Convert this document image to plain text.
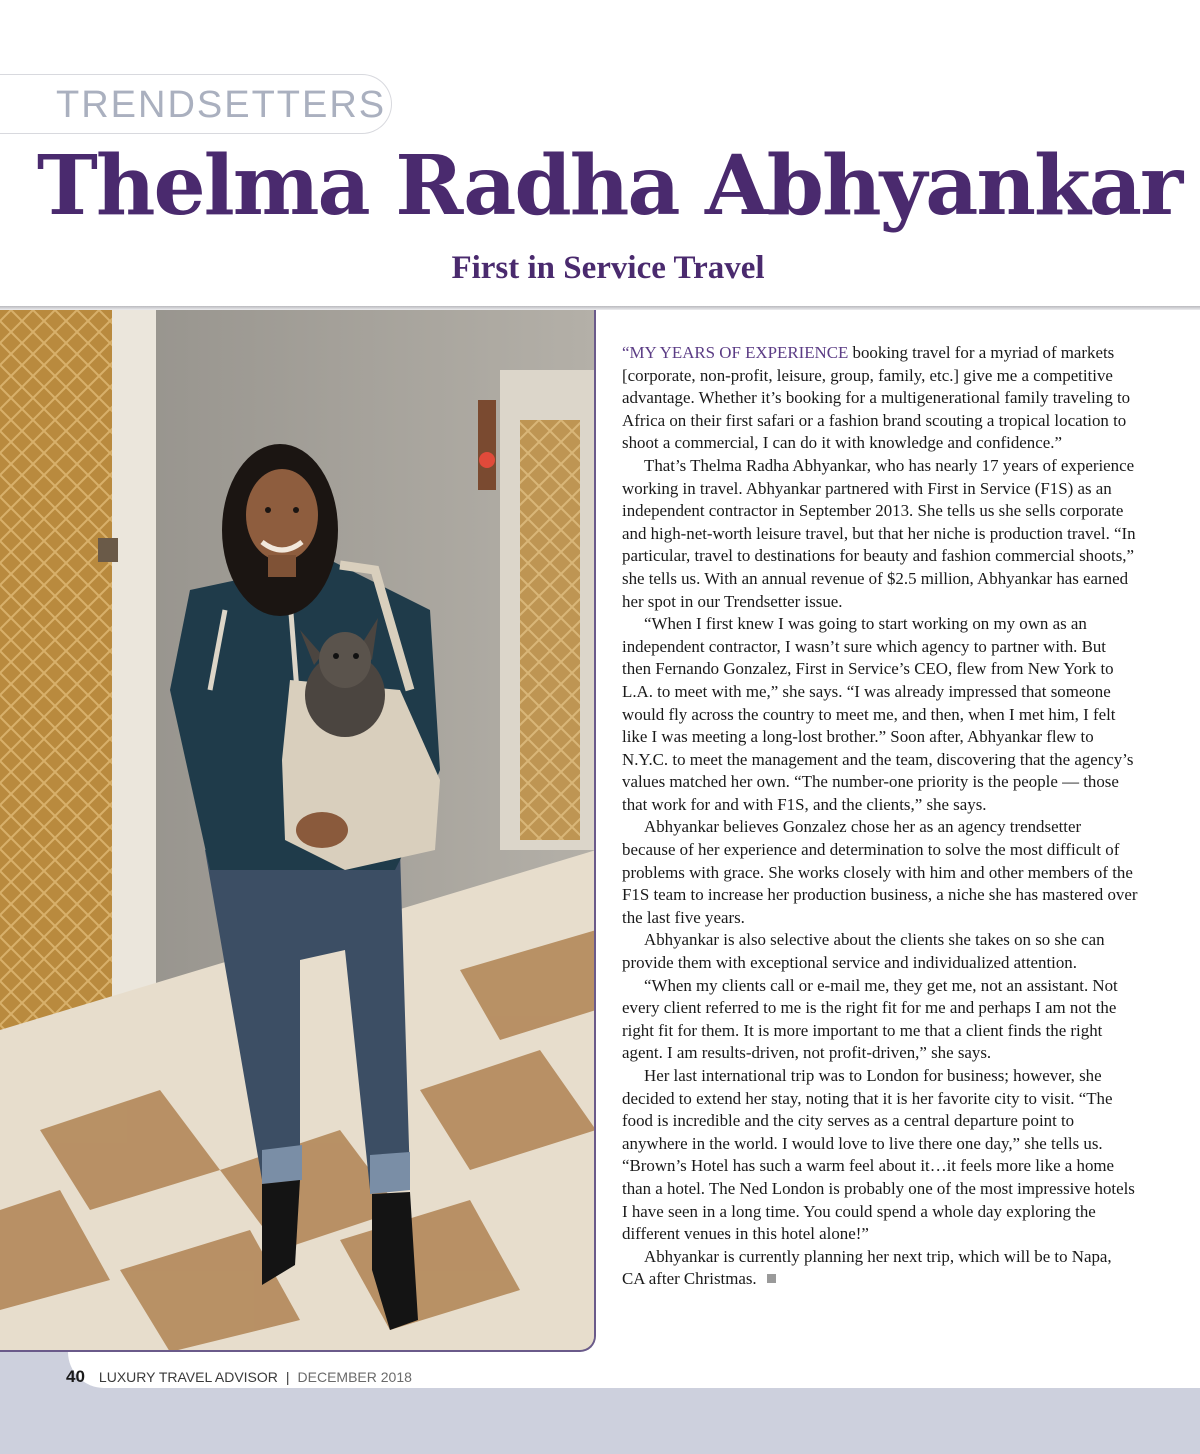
TRENDSETTERS
Thelma Radha Abhyankar
First in Service Travel

“MY YEARS OF EXPERIENCE booking travel for a myriad of markets [corporate, non-profit, leisure, group, family, etc.] give me a competitive advantage. Whether it’s booking for a multigenerational family traveling to Africa on their first safari or a fashion brand scouting a tropical location to shoot a commercial, I can do it with knowledge and confidence.”

That’s Thelma Radha Abhyankar, who has nearly 17 years of experience working in travel. Abhyankar partnered with First in Service (F1S) as an independent contractor in September 2013. She tells us she sells corporate and high-net-worth leisure travel, but that her niche is production travel. “In particular, travel to destinations for beauty and fashion commercial shoots,” she tells us. With an annual revenue of $2.5 million, Abhyankar has earned her spot in our Trendsetter issue.

“When I first knew I was going to start working on my own as an independent contractor, I wasn’t sure which agency to partner with. But then Fernando Gonzalez, First in Service’s CEO, flew from New York to L.A. to meet with me,” she says. “I was already impressed that someone would fly across the country to meet me, and then, when I met him, I felt like I was meeting a long-lost brother.” Soon after, Abhyankar flew to N.Y.C. to meet the management and the team, discovering that the agency’s values matched her own. “The number-one priority is the people — those that work for and with F1S, and the clients,” she says.

Abhyankar believes Gonzalez chose her as an agency trendsetter because of her experience and determination to solve the most difficult of problems with grace. She works closely with him and other members of the F1S team to increase her production business, a niche she has mastered over the last five years.

Abhyankar is also selective about the clients she takes on so she can provide them with exceptional service and individualized attention.

“When my clients call or e-mail me, they get me, not an assistant. Not every client referred to me is the right fit for me and perhaps I am not the right fit for them. It is more important to me that a client finds the right agent. I am results-driven, not profit-driven,” she says.

Her last international trip was to London for business; however, she decided to extend her stay, noting that it is her favorite city to visit. “The food is incredible and the city serves as a central departure point to anywhere in the world. I would love to live there one day,” she tells us. “Brown’s Hotel has such a warm feel about it…it feels more like a home than a hotel. The Ned London is probably one of the most impressive hotels I have seen in a long time. You could spend a whole day exploring the different venues in this hotel alone!”

Abhyankar is currently planning her next trip, which will be to Napa, CA after Christmas.

40 LUXURY TRAVEL ADVISOR | DECEMBER 2018
